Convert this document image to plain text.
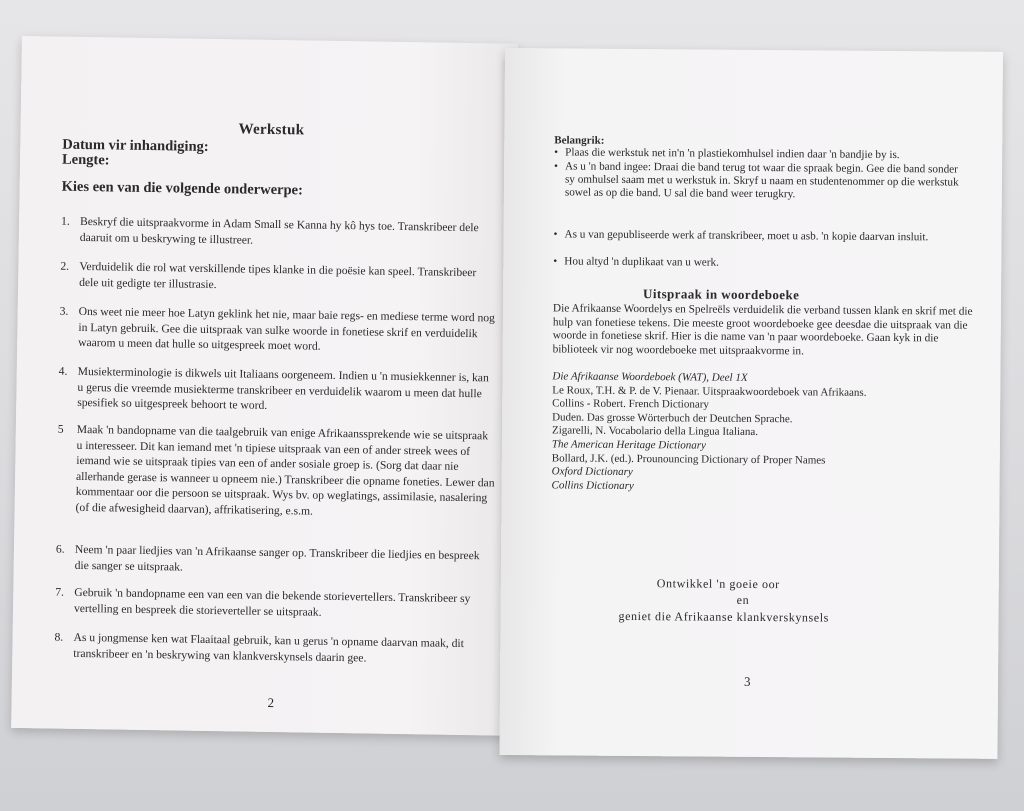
Werkstuk
Datum vir inhandiging:
Lengte:
Kies een van die volgende onderwerpe:
1. Beskryf die uitspraakvorme in Adam Small se Kanna hy kô hys toe. Transkribeer dele daaruit om u beskrywing te illustreer.
2. Verduidelik die rol wat verskillende tipes klanke in die poësie kan speel. Transkribeer dele uit gedigte ter illustrasie.
3. Ons weet nie meer hoe Latyn geklink het nie, maar baie regs- en mediese terme word nog in Latyn gebruik. Gee die uitspraak van sulke woorde in fonetiese skrif en verduidelik waarom u meen dat hulle so uitgespreek moet word.
4. Musiekterminologie is dikwels uit Italiaans oorgeneem. Indien u 'n musiekkenner is, kan u gerus die vreemde musiekterme transkribeer en verduidelik waarom u meen dat hulle spesifiek so uitgespreek behoort te word.
5 Maak 'n bandopname van die taalgebruik van enige Afrikaanssprekende wie se uitspraak u interesseer. Dit kan iemand met 'n tipiese uitspraak van een of ander streek wees of iemand wie se uitspraak tipies van een of ander sosiale groep is. (Sorg dat daar nie allerhande gerase is wanneer u opneem nie.) Transkribeer die opname foneties. Lewer dan kommentaar oor die persoon se uitspraak. Wys bv. op weglatings, assimilasie, nasalering (of die afwesigheid daarvan), affrikatisering, e.s.m.
6. Neem 'n paar liedjies van 'n Afrikaanse sanger op. Transkribeer die liedjies en bespreek die sanger se uitspraak.
7. Gebruik 'n bandopname een van een van die bekende storievertellers. Transkribeer sy vertelling en bespreek die storieverteller se uitspraak.
8. As u jongmense ken wat Flaaitaal gebruik, kan u gerus 'n opname daarvan maak, dit transkribeer en 'n beskrywing van klankverskynsels daarin gee.
2
Belangrik:
• Plaas die werkstuk net in'n 'n plastiekomhulsel indien daar 'n bandjie by is.
• As u 'n band ingee: Draai die band terug tot waar die spraak begin. Gee die band sonder sy omhulsel saam met u werkstuk in. Skryf u naam en studentenommer op die werkstuk sowel as op die band. U sal die band weer terugkry.
• As u van gepubliseerde werk af transkribeer, moet u asb. 'n kopie daarvan insluit.
• Hou altyd 'n duplikaat van u werk.
Uitspraak in woordeboeke
Die Afrikaanse Woordelys en Spelreëls verduidelik die verband tussen klank en skrif met die hulp van fonetiese tekens. Die meeste groot woordeboeke gee deesdae die uitspraak van die woorde in fonetiese skrif. Hier is die name van 'n paar woordeboeke. Gaan kyk in die biblioteek vir nog woordeboeke met uitspraakvorme in.
Die Afrikaanse Woordeboek (WAT), Deel 1X
Le Roux, T.H. & P. de V. Pienaar. Uitspraakwoordeboek van Afrikaans.
Collins - Robert. French Dictionary
Duden. Das grosse Wörterbuch der Deutchen Sprache.
Zigarelli, N. Vocabolario della Lingua Italiana.
The American Heritage Dictionary
Bollard, J.K. (ed.). Prounouncing Dictionary of Proper Names
Oxford Dictionary
Collins Dictionary
Ontwikkel 'n goeie oor
en
geniet die Afrikaanse klankverskynsels
3
